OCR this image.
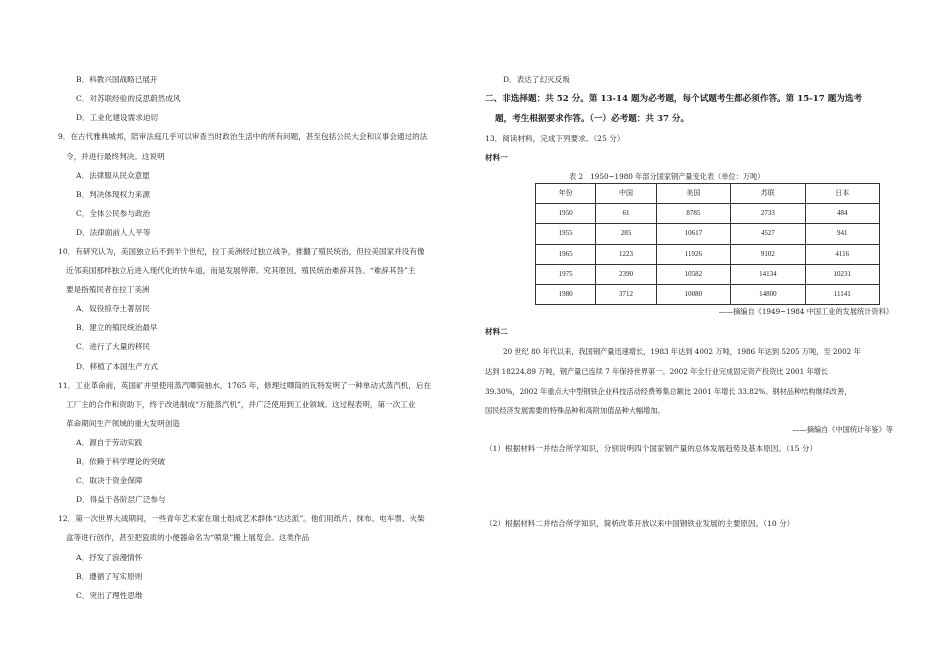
B．科教兴国战略已展开
C．对苏联经验的反思蔚然成风
D．工业化建设需求迫切
9．在古代雅典城邦，陪审法庭几乎可以审查当时政治生活中的所有问题，甚至包括公民大会和议事会通过的法
令，并进行最终判决。这说明
A．法律服从民众意愿
B．判决体现权力来源
C．全体公民参与政治
D．法律面前人人平等
10．有研究认为，美国独立后不到半个世纪，拉丁美洲经过独立战争，推翻了殖民统治，但拉美国家并没有像
近邻美国那样独立后进入现代化的快车道，而是发展停滞。究其原因，殖民统治难辞其咎。“难辞其咎”主
要是指殖民者在拉丁美洲
A．奴役掠夺土著居民
B．建立的殖民统治最早
C．进行了大量的移民
D．移植了本国生产方式
11．工业革命前，英国矿井里使用蒸汽唧筒抽水。1765 年，修理过唧筒的瓦特发明了一种单动式蒸汽机，后在
工厂主的合作和资助下，终于改进制成“万能蒸汽机”，并广泛使用到工业领域。这过程表明，第一次工业
革命期间生产领域的重大发明创造
A．源自于劳动实践
B．依赖于科学理论的突破
C．取决于资金保障
D．得益于各阶层广泛参与
12．第一次世界大战期间，一些青年艺术家在瑞士组成艺术群体“达达派”。他们用纸片、抹布、电车票、火柴
盒等进行创作，甚至把瓷质的小便器命名为“喷泉”搬上展览会。这类作品
A．抒发了浪漫情怀
B．遵循了写实原则
C．突出了理性思维
D．表达了幻灭反叛
二、非选择题：共 52 分。第 13-14 题为必考题，每个试题考生都必须作答。第 15-17 题为选考
题，考生根据要求作答。（一）必考题：共 37 分。
13．阅读材料，完成下列要求。（25 分）
材料一
表 2　1950~1980 年部分国家钢产量变化表（单位：万吨）
年份	中国	美国	苏联	日本
1950	61	8785	2733	484
1955	285	10617	4527	941
1965	1223	11926	9102	4116
1975	2390	10582	14134	10231
1980	3712	10080	14800	11141
——摘编自《1949~1984 中国工业的发展统计资料》
材料二
20 世纪 80 年代以来，我国钢产量迅速增长，1983 年达到 4002 万吨，1986 年达到 5205 万吨，至 2002 年
达到 18224.89 万吨，钢产量已连续 7 年保持世界第一。2002 年全行业完成固定资产投资比 2001 年增长
39.30%，2002 年重点大中型钢铁企业科技活动经费筹集总额比 2001 年增长 33.82%。钢材品种结构继续改善，
国民经济发展需要的特殊品种和高附加值品种大幅增加。
——摘编自《中国统计年鉴》等
（1）根据材料一并结合所学知识，分别说明四个国家钢产量的总体发展趋势及基本原因。（15 分）
（2）根据材料二并结合所学知识，简析改革开放以来中国钢铁业发展的主要原因。（10 分）
